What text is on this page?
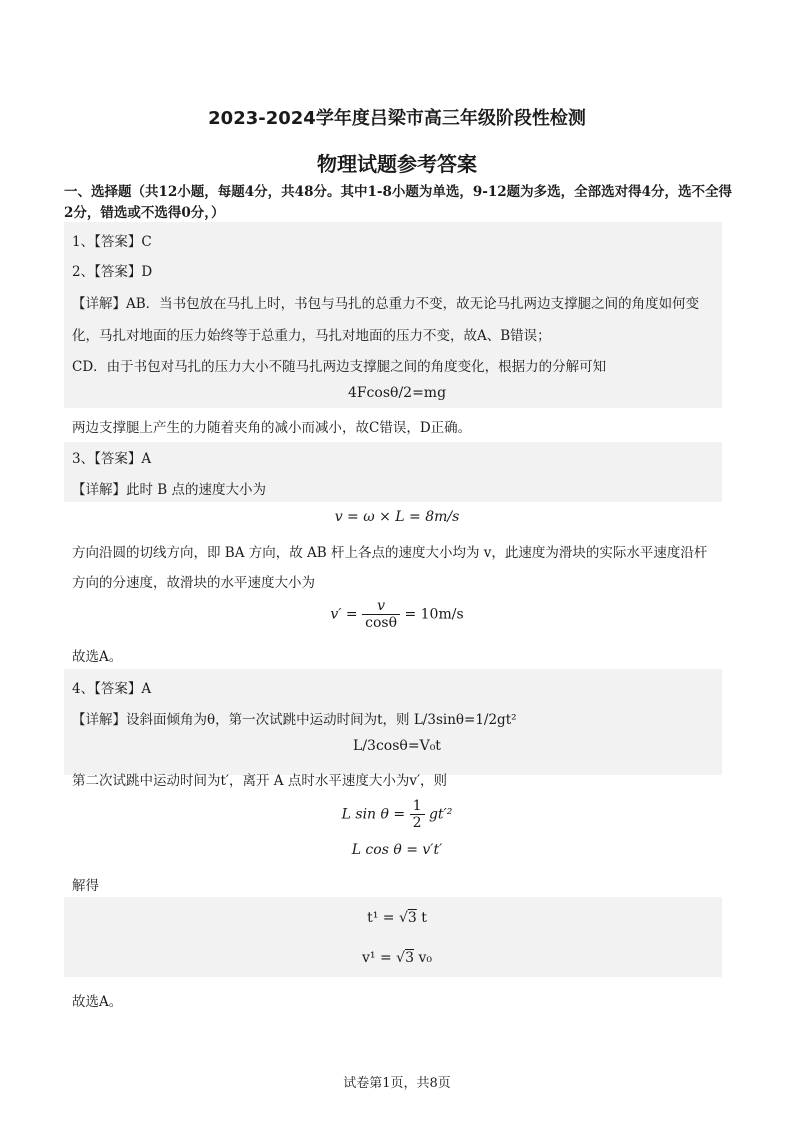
2023-2024学年度吕梁市高三年级阶段性检测
物理试题参考答案
一、选择题（共12小题，每题4分，共48分。其中1-8小题为单选，9-12题为多选，全部选对得4分，选不全得2分，错选或不选得0分，）
1、【答案】C
2、【答案】D
【详解】AB．当书包放在马扎上时，书包与马扎的总重力不变，故无论马扎两边支撑腿之间的角度如何变
化，马扎对地面的压力始终等于总重力，马扎对地面的压力不变，故A、B错误；
CD．由于书包对马扎的压力大小不随马扎两边支撑腿之间的角度变化，根据力的分解可知
4Fcosθ/2=mg
两边支撑腿上产生的力随着夹角的减小而减小，故C错误，D正确。
3、【答案】A
【详解】此时 B 点的速度大小为
v = ω × L = 8m/s
方向沿圆的切线方向，即 BA 方向，故 AB 杆上各点的速度大小均为 v，此速度为滑块的实际水平速度沿杆
方向的分速度，故滑块的水平速度大小为
$v' = \frac{v}{\cos\theta} = 10m/s$
故选A。
4、【答案】A
【详解】设斜面倾角为θ，第一次试跳中运动时间为t，则 L/3sinθ=1/2gt²
L/3cosθ=V₀t
第二次试跳中运动时间为t′，离开 A 点时水平速度大小为v′，则
L $\sin \theta = \frac{1}{2} gt'^2$
L cos θ = v′t′
解得
t¹ = √3 t
v¹ = √3 v₀
故选A。
试卷第1页，共8页
